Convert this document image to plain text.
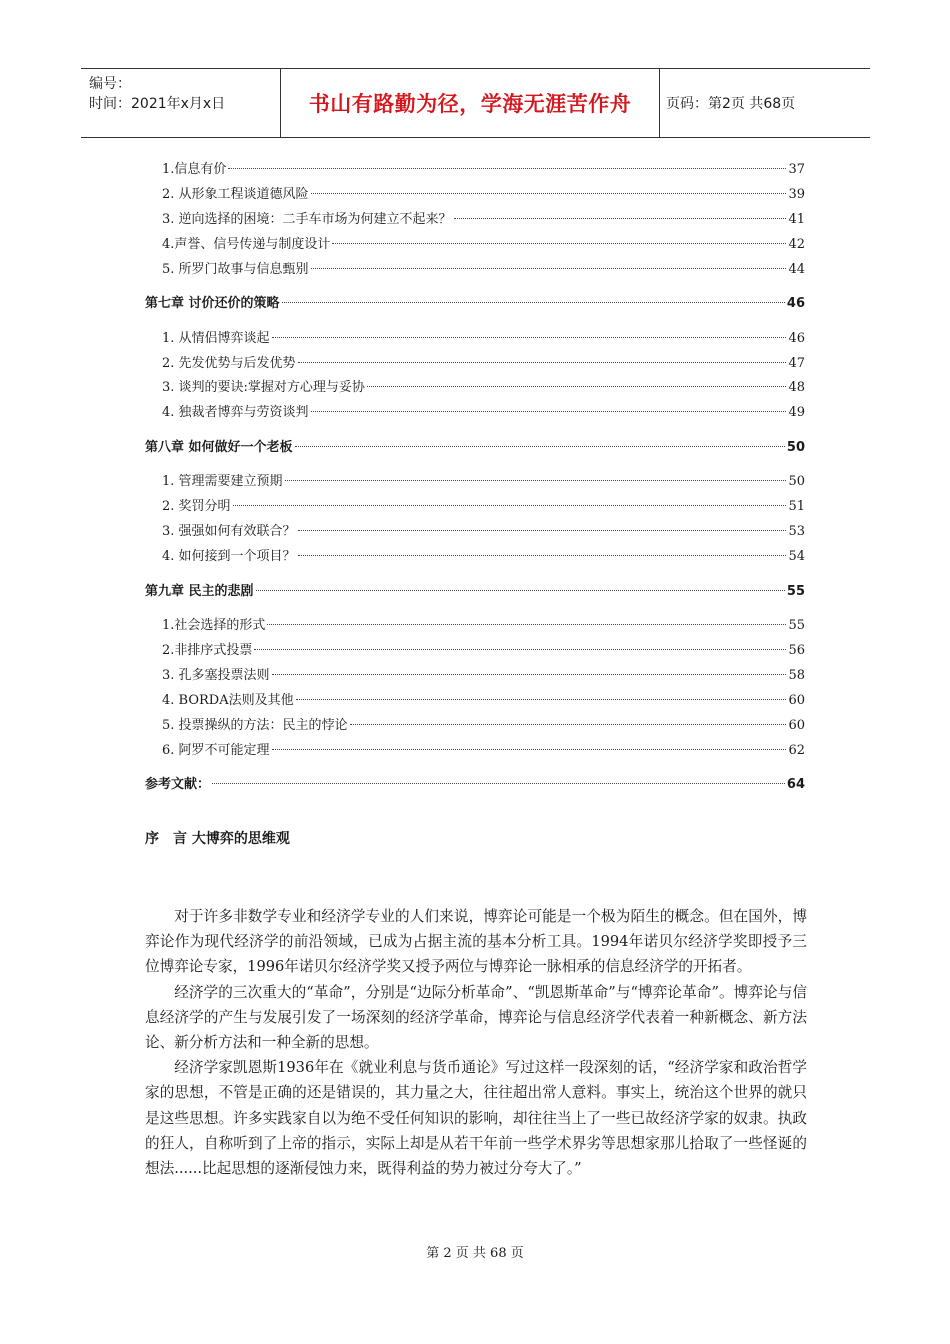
编号：
时间：2021年x月x日	书山有路勤为径，学海无涯苦作舟 页码：第2页 共68页
1.信息有价	37
2. 从形象工程谈道德风险	39
3. 逆向选择的困境：二手车市场为何建立不起来？	41
4.声誉、信号传递与制度设计	42
5. 所罗门故事与信息甄别	44
第七章 讨价还价的策略	46
1. 从情侣博弈谈起	46
2. 先发优势与后发优势	47
3. 谈判的要诀:掌握对方心理与妥协	48
4. 独裁者博弈与劳资谈判	49
第八章 如何做好一个老板	50
1. 管理需要建立预期	50
2. 奖罚分明	51
3. 强强如何有效联合？	53
4. 如何接到一个项目？	54
第九章 民主的悲剧	55
1.社会选择的形式	55
2.非排序式投票	56
3. 孔多塞投票法则	58
4. BORDA法则及其他	60
5. 投票操纵的方法：民主的悖论	60
6. 阿罗不可能定理	62
参考文献：	64
序　言 大博弈的思维观

对于许多非数学专业和经济学专业的人们来说，博弈论可能是一个极为陌生的概念。但在国外，博弈论作为现代经济学的前沿领域，已成为占据主流的基本分析工具。1994年诺贝尔经济学奖即授予三位博弈论专家，1996年诺贝尔经济学奖又授予两位与博弈论一脉相承的信息经济学的开拓者。

经济学的三次重大的“革命”，分别是“边际分析革命”、“凯恩斯革命”与“博弈论革命”。博弈论与信息经济学的产生与发展引发了一场深刻的经济学革命，博弈论与信息经济学代表着一种新概念、新方法论、新分析方法和一种全新的思想。

经济学家凯恩斯1936年在《就业利息与货币通论》写过这样一段深刻的话，“经济学家和政治哲学家的思想，不管是正确的还是错误的，其力量之大，往往超出常人意料。事实上，统治这个世界的就只是这些思想。许多实践家自以为绝不受任何知识的影响，却往往当上了一些已故经济学家的奴隶。执政的狂人，自称听到了上帝的指示，实际上却是从若干年前一些学术界劣等思想家那儿拾取了一些怪诞的想法......比起思想的逐渐侵蚀力来，既得利益的势力被过分夸大了。”

第 2 页 共 68 页
